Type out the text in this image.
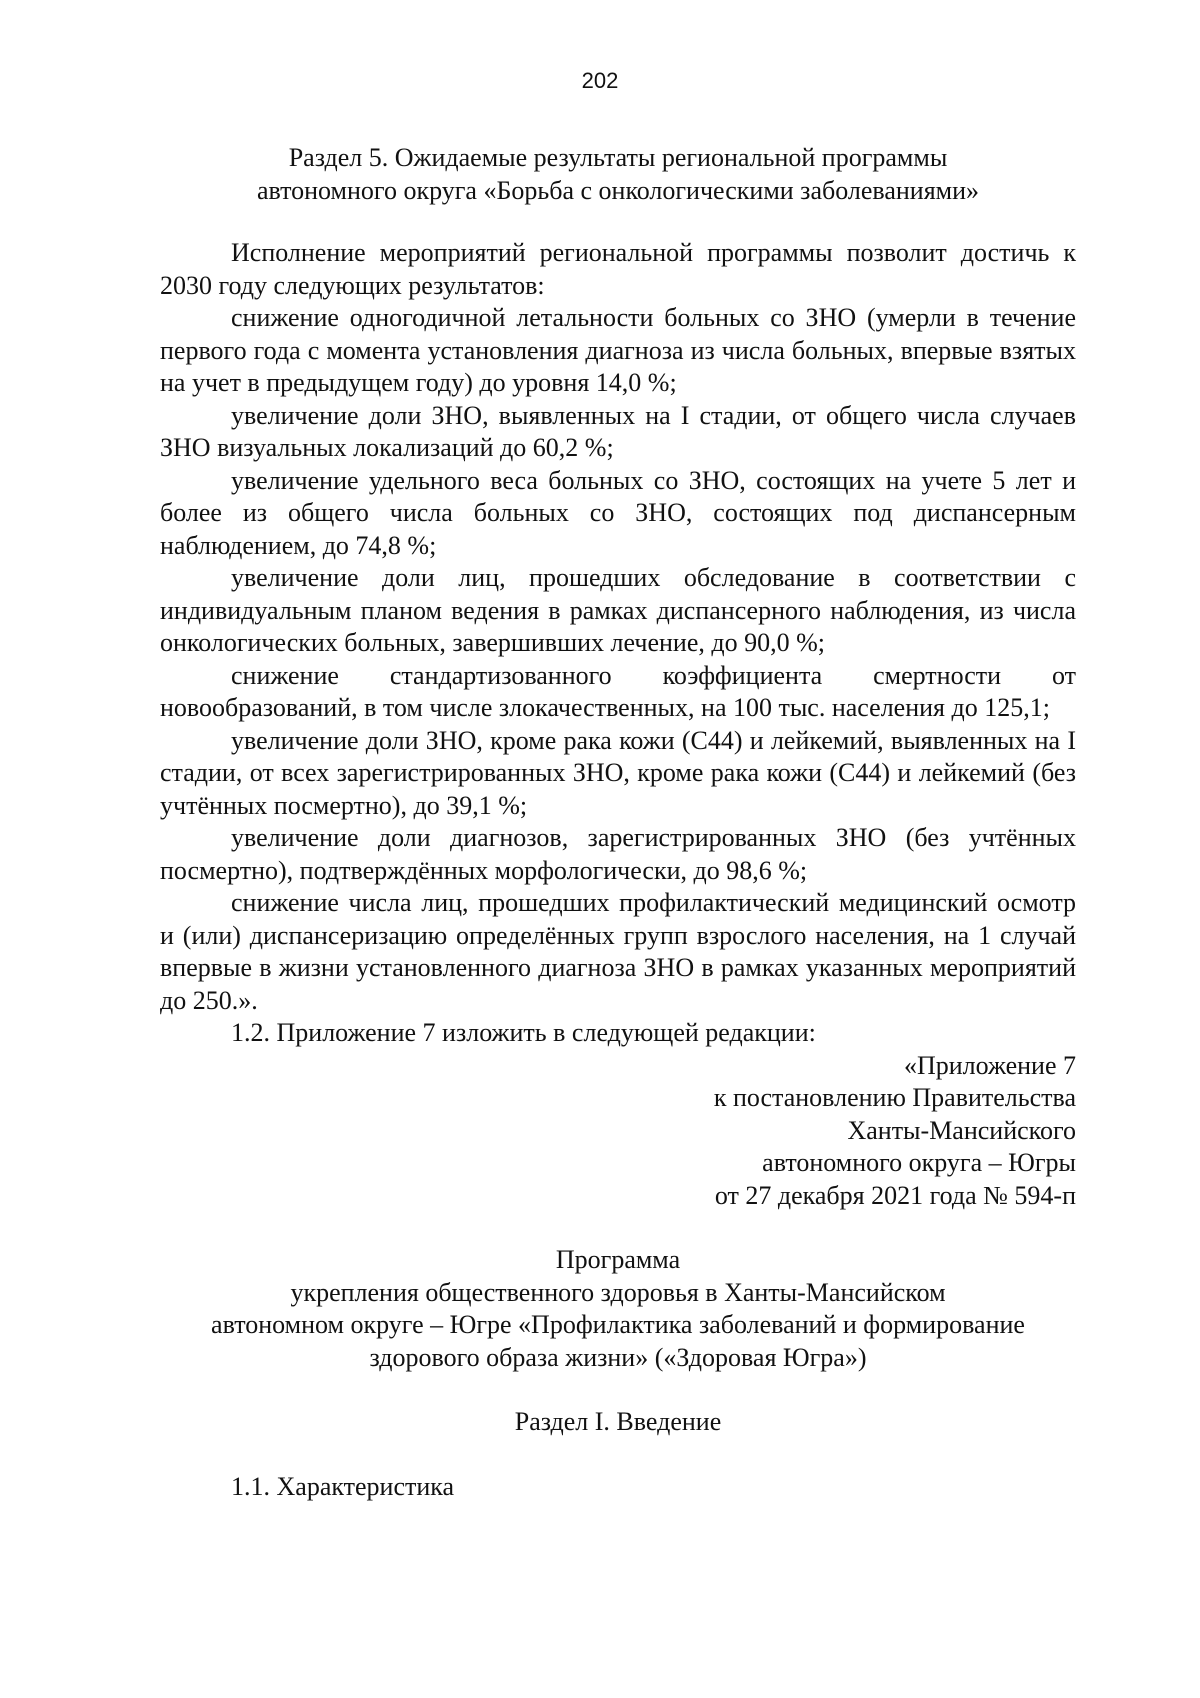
202
Раздел 5. Ожидаемые результаты региональной программы
автономного округа «Борьба с онкологическими заболеваниями»

Исполнение мероприятий региональной программы позволит достичь к 2030 году следующих результатов:

снижение одногодичной летальности больных со ЗНО (умерли в течение первого года с момента установления диагноза из числа больных, впервые взятых на учет в предыдущем году) до уровня 14,0 %;

увеличение доли ЗНО, выявленных на I стадии, от общего числа случаев ЗНО визуальных локализаций до 60,2 %;

увеличение удельного веса больных со ЗНО, состоящих на учете 5 лет и более из общего числа больных со ЗНО, состоящих под диспансерным наблюдением, до 74,8 %;

увеличение доли лиц, прошедших обследование в соответствии с индивидуальным планом ведения в рамках диспансерного наблюдения, из числа онкологических больных, завершивших лечение, до 90,0 %;

снижение стандартизованного коэффициента смертности от новообразований, в том числе злокачественных, на 100 тыс. населения до 125,1;

увеличение доли ЗНО, кроме рака кожи (С44) и лейкемий, выявленных на I стадии, от всех зарегистрированных ЗНО, кроме рака кожи (С44) и лейкемий (без учтённых посмертно), до 39,1 %;

увеличение доли диагнозов, зарегистрированных ЗНО (без учтённых посмертно), подтверждённых морфологически, до 98,6 %;

снижение числа лиц, прошедших профилактический медицинский осмотр и (или) диспансеризацию определённых групп взрослого населения, на 1 случай впервые в жизни установленного диагноза ЗНО в рамках указанных мероприятий до 250.».

1.2. Приложение 7 изложить в следующей редакции:

«Приложение 7
к постановлению Правительства
Ханты-Мансийского
автономного округа – Югры
от 27 декабря 2021 года № 594-п
Программа
укрепления общественного здоровья в Ханты-Мансийском
автономном округе – Югре «Профилактика заболеваний и формирование
здорового образа жизни» («Здоровая Югра»)
Раздел I. Введение
1.1. Характеристика
